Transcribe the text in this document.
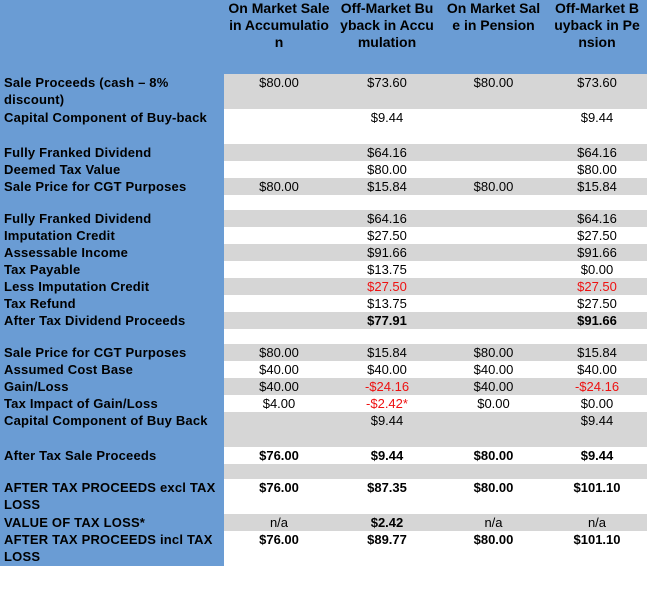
	On Market Sale in Accumulation	Off-Market Buyback in Accumulation	On Market Sale in Pension	Off-Market Buyback in Pension
Sale Proceeds (cash – 8% discount)	$80.00	$73.60	$80.00	$73.60
Capital Component of Buy-back		$9.44		$9.44
Fully Franked Dividend		$64.16		$64.16
Deemed Tax Value		$80.00		$80.00
Sale Price for CGT Purposes	$80.00	$15.84	$80.00	$15.84

Fully Franked Dividend		$64.16		$64.16
Imputation Credit		$27.50		$27.50
Assessable Income		$91.66		$91.66
Tax Payable		$13.75		$0.00
Less Imputation Credit		$27.50		$27.50
Tax Refund		$13.75		$27.50
After Tax Dividend Proceeds		$77.91		$91.66

Sale Price for CGT Purposes	$80.00	$15.84	$80.00	$15.84
Assumed Cost Base	$40.00	$40.00	$40.00	$40.00
Gain/Loss	$40.00	-$24.16	$40.00	-$24.16
Tax Impact of Gain/Loss	$4.00	-$2.42*	$0.00	$0.00
Capital Component of Buy Back		$9.44		$9.44
After Tax Sale Proceeds	$76.00	$9.44	$80.00	$9.44

AFTER TAX PROCEEDS excl TAX LOSS	$76.00	$87.35	$80.00	$101.10
VALUE OF TAX LOSS*	n/a	$2.42	n/a	n/a
AFTER TAX PROCEEDS incl TAX LOSS	$76.00	$89.77	$80.00	$101.10
